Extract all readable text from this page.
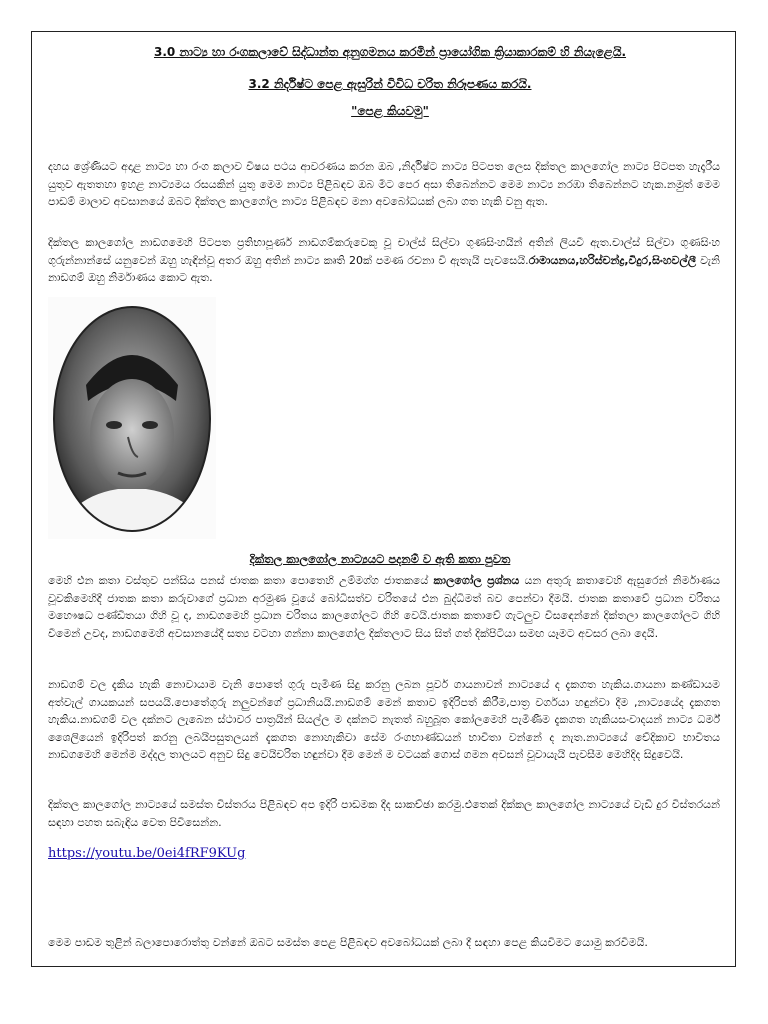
3.0 නාට්‍ය හා රංගකලාවේ සිද්ධාන්ත අනුගමනය කරමින් ප්‍රායෝගික ක්‍රියාකාරකම් හි නියැළෙයි.
3.2 නිර්දිෂ්ට පෙළ ඇසුරින් විවිධ චරිත නිරූපණය කරයි.
"පෙළ කියවමු"
දහය ශ්‍රේණියට අදාළ නාට්‍ය හා රංග කලාව විෂය පථය ආවරණය කරන ඔබ ,නිර්දිෂ්ට නාට්‍ය පිටපත ලෙස දික්තල කාලගෝල නාට්‍ය පිටපත හැදෑරීය යුතුව ඇතතහා ඉහළ නාට්‍යමය රසයකින් යුතු මෙම නාට්‍ය පිළිබඳව ඔබ මීට පෙර අසා තිබෙන්නට මෙම නාට්‍ය නරඹා තිබෙන්නට හැක.නමුත් මෙම පාඩම් මාලාව අවසානයේ ඔබට දික්තල කාලගෝල නාට්‍ය පිළිබඳව මනා අවබෝධයක් ලබා ගත හැකි වනු ඇත.
දික්තල කාලගෝල නාඩගමෙහි පිටපත ප්‍රතිභාපූර්ණ නාඩගම්කරුවෙකු වූ චාල්ස් සිල්වා ගුණසිංහයින් අතින් ලියවී ඇත.චාල්ස් සිල්වා ගුණසිංහ ගුරුන්නාන්සේ යනුවෙන් ඔහු හැඳින්වූ අතර ඔහු අතින් නාට්‍ය කෘති 20ක් පමණ රචනා වී ඇතැයි පැවසෙයි.රාමායනය,හරිස්චන්ද්‍ර,විදුර,සිංහවල්ලී වැනි නාඩගම් ඔහු නිර්මාණය කොට ඇත.
දික්තල කාලගෝල නාට්‍යයට පදනම් ව ඇති කතා පුවත
මෙහි එන කතා වස්තුව පන්සිය පනස් ජාතක කතා පොතෙහි උම්මග්ග ජාතකයේ කාලගෝල ප්‍රශ්නය යන අතුරු කතාවෙහි ඇසුරෙන් නිර්මාණය වූවකිමෙහිදී ජාතක කතා කරුවාගේ ප්‍රධාන අරමුණ වූයේ බෝධිසත්ව චරිතයේ එන බුද්ධිමත් බව පෙන්වා දීමයි. ජාතක කතාවේ ප්‍රධාන චරිතය මහෞෂධ පණ්ඩිතයා ගිහි වූ ද, නාඩගමෙහි ප්‍රධාන චරිතය කාලගෝලට ගිහි වෙයි.ජාතක කතාවේ ගැටලුව විසඳෙන්නේ දික්තලා කාලගෝලට ගිහි වීමෙන් උවද, නාඩගමෙහි අවසානයේදී සත්‍ය වටහා ගන්නා කාලගෝල දික්තලාට සිය සිත් ගත් දික්පිටියා සමඟ යෑමට අවසර ලබා දෙයි.
නාඩගම් වල දැකිය හැකි නොවායාම වැනි පොතේ ගුරු පැමිණ සිදු කරනු ලබන පූර්ව ගායනාවන් නාට්‍යයේ ද දැකගත හැකිය.ගායනා කණ්ඩායම අත්වැල් ගායකයන් සපයයි.පොතේගුරු නලුවන්ගේ ප්‍රධානියයි.නාඩගම් මෙන් කතාව ඉදිරිපත් කිරීම,පාත්‍ර වර්ගයා හඳුන්වා දීම ,නාට්‍යයේද දැකගත හැකිය.නාඩගම් වල දක්නට ලැබෙන ස්ථාවර පාත්‍රයින් සියල්ල ම දක්නට නැතත් බහුබූත කෝලමෙහි පැමිණීම දැකගත හැකියසංවාදයන් නාට්‍ය ධර්ම් ශෛලියෙන් ඉදිරිපත් කරනු ලබයිපසුතලයන් දැකගත නොහැකිවා සේම රංගභාණ්ඩයන් භාවිතා වන්නේ ද නැත.නාට්‍යයේ චේදිකාව භාවිතය නාඩගමෙහි මෙන්ම මද්දල තාලයට අනුව සිදු වෙයිචරිත හඳුන්වා දීම මෙන් ම වටයක් ගොස් ගමන අවසන් වූවායැයි පැවසීම මෙහිදිද සිදුවෙයි.
දික්තල කාලගෝල නාට්‍යයේ සමස්ත විස්තරය පිළිබඳව අප ඉදිරි පාඩමක දීද සාකච්ඡා කරමු.එතෙක් දික්කල කාලගෝල නාට්‍යයේ වැඩි දුර විස්තරයන් සඳහා පහත සබැඳිය වෙත පිවිසෙන්න.
https://youtu.be/0ei4fRF9KUg
මෙම පාඩම තුළින් බලාපොරොත්තු වන්නේ ඔබට සමස්ත පෙළ පිළිබඳව අවබෝධයක් ලබා දී සඳහා පෙළ කියවීමට යොමු කරවීමයි.
